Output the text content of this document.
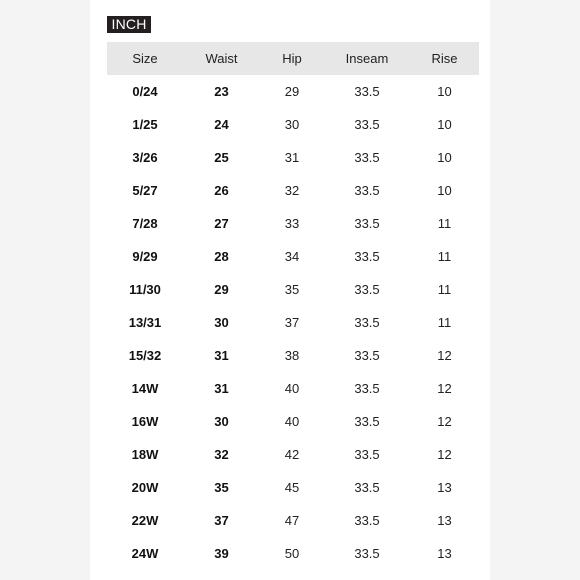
INCH
Size	Waist	Hip	Inseam	Rise
0/24	23	29	33.5	10
1/25	24	30	33.5	10
3/26	25	31	33.5	10
5/27	26	32	33.5	10
7/28	27	33	33.5	11
9/29	28	34	33.5	11
11/30	29	35	33.5	11
13/31	30	37	33.5	11
15/32	31	38	33.5	12
14W	31	40	33.5	12
16W	30	40	33.5	12
18W	32	42	33.5	12
20W	35	45	33.5	13
22W	37	47	33.5	13
24W	39	50	33.5	13
